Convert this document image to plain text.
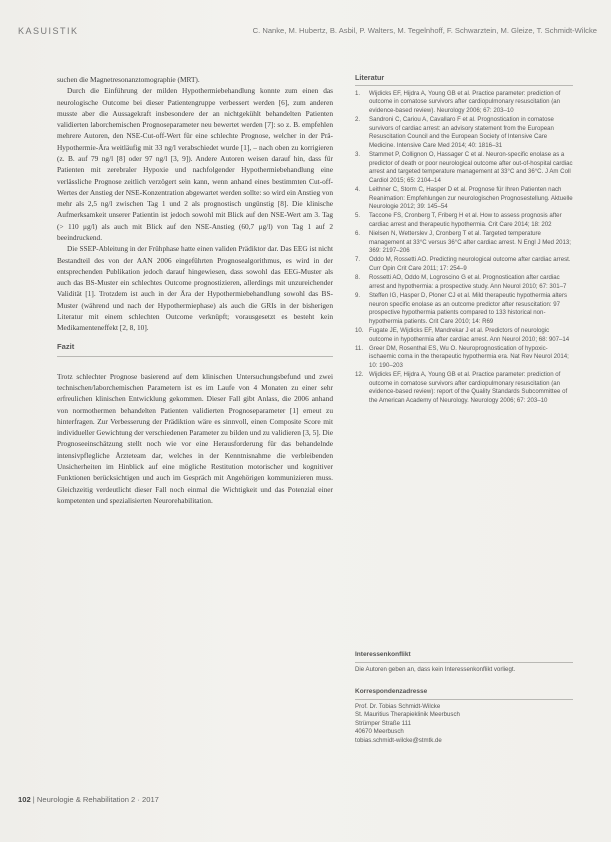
KASUISTIK	C. Nanke, M. Hubertz, B. Asbil, P. Walters, M. Tegelnhoff, F. Schwarztein, M. Gleize, T. Schmidt-Wilcke

suchen die Magnetresonanztomographie (MRT).

Durch die Einführung der milden Hypothermiebehandlung konnte zum einen das neurologische Outcome bei dieser Patientengruppe verbessert werden [6], zum anderen musste aber die Aussagekraft insbesondere der an nichtgekühlt behandelten Patienten validierten laborchemischen Prognoseparameter neu bewertet werden [7]: so z. B. empfehlen mehrere Autoren, den NSE-Cut-off-Wert für eine schlechte Prognose, welcher in der Prä-Hypothermie-Ära weitläufig mit 33 ng/l verabschiedet wurde [1], – nach oben zu korrigieren (z. B. auf 79 ng/l [8] oder 97 ng/l [3, 9]). Andere Autoren weisen darauf hin, dass für Patienten mit zerebraler Hypoxie und nachfolgender Hypothermiebehandlung eine verlässliche Prognose zeitlich verzögert sein kann, wenn anhand eines bestimmten Cut-off-Wertes der Anstieg der NSE-Konzentration abgewartet werden sollte: so wird ein Anstieg von mehr als 2,5 ng/l zwischen Tag 1 und 2 als prognostisch ungünstig [8]. Die klinische Aufmerksamkeit unserer Patientin ist jedoch sowohl mit Blick auf den NSE-Wert am 3. Tag (> 110 μg/l) als auch mit Blick auf den NSE-Anstieg (60,7 μg/l) von Tag 1 auf 2 beeindruckend.

Die SSEP-Ableitung in der Frühphase hatte einen validen Prädiktor dar. Das EEG ist nicht Bestandteil des von der AAN 2006 eingeführten Prognosealgorithmus, es wird in der entsprechenden Publikation jedoch darauf hingewiesen, dass sowohl das EEG-Muster als auch das BS-Muster ein schlechtes Outcome prognostizieren, allerdings mit unzureichender Validität [1]. Trotzdem ist auch in der Ära der Hypothermiebehandlung sowohl das BS-Muster (während und nach der Hypothermiephase) als auch die GRIs in der bisherigen Literatur mit einem schlechten Outcome verknüpft; vorausgesetzt es besteht kein Medikamenteneffekt [2, 8, 10].

Fazit

Trotz schlechter Prognose basierend auf dem klinischen Untersuchungsbefund und zwei technischen/laborchemischen Parametern ist es im Laufe von 4 Monaten zu einer sehr erfreulichen klinischen Entwicklung gekommen. Dieser Fall gibt Anlass, die 2006 anhand von normothermen behandelten Patienten validierten Prognoseparameter [1] erneut zu hinterfragen. Zur Verbesserung der Prädiktion wäre es sinnvoll, einen Composite Score mit individueller Gewichtung der verschiedenen Parameter zu bilden und zu validieren [3, 5]. Die Prognoseeinschätzung stellt noch wie vor eine Herausforderung für das behandelnde intensivpflegliche Ärzteteam dar, welches in der Kenntnisnahme die verbleibenden Unsicherheiten im Hinblick auf eine mögliche Restitution motorischer und kognitiver Funktionen berücksichtigen und auch im Gespräch mit Angehörigen kommunizieren muss. Gleichzeitig verdeutlicht dieser Fall noch einmal die Wichtigkeit und das Potenzial einer kompetenten und spezialisierten Neurorehabilitation.

Literatur
1. Wijdicks EF, Hijdra A, Young GB et al. Practice parameter: prediction of outcome in comatose survivors after cardiopulmonary resuscitation (an evidence-based review). Neurology 2006; 67: 203–10
2. Sandroni C, Cariou A, Cavallaro F et al. Prognostication in comatose survivors of cardiac arrest: an advisory statement from the European Resuscitation Council and the European Society of Intensive Care Medicine. Intensive Care Med 2014; 40: 1816–31
3. Stammet P, Collignon O, Hassager C et al. Neuron-specific enolase as a predictor of death or poor neurological outcome after out-of-hospital cardiac arrest and targeted temperature management at 33°C and 36°C. J Am Coll Cardiol 2015; 65: 2104–14
4. Leithner C, Storm C, Hasper D et al. Prognose für Ihren Patienten nach Reanimation: Empfehlungen zur neurologischen Prognosestellung. Aktuelle Neurologie 2012; 39: 145–54
5. Taccone FS, Cronberg T, Friberg H et al. How to assess prognosis after cardiac arrest and therapeutic hypothermia. Crit Care 2014; 18: 202
6. Nielsen N, Wetterslev J, Cronberg T et al. Targeted temperature management at 33°C versus 36°C after cardiac arrest. N Engl J Med 2013; 369: 2197–206
7. Oddo M, Rossetti AO. Predicting neurological outcome after cardiac arrest. Curr Opin Crit Care 2011; 17: 254–9
8. Rossetti AO, Oddo M, Logroscino G et al. Prognostication after cardiac arrest and hypothermia: a prospective study. Ann Neurol 2010; 67: 301–7
9. Steffen IG, Hasper D, Ploner CJ et al. Mild therapeutic hypothermia alters neuron specific enolase as an outcome predictor after resuscitation: 97 prospective hypothermia patients compared to 133 historical non-hypothermia patients. Crit Care 2010; 14: R69
10. Fugate JE, Wijdicks EF, Mandrekar J et al. Predictors of neurologic outcome in hypothermia after cardiac arrest. Ann Neurol 2010; 68: 907–14
11. Greer DM, Rosenthal ES, Wu O. Neuroprognostication of hypoxic-ischaemic coma in the therapeutic hypothermia era. Nat Rev Neurol 2014; 10: 190–203
12. Wijdicks EF, Hijdra A, Young GB et al. Practice parameter: prediction of outcome in comatose survivors after cardiopulmonary resuscitation (an evidence-based review): report of the Quality Standards Subcommittee of the American Academy of Neurology. Neurology 2006; 67: 203–10
Interessenkonflikt
Die Autoren geben an, dass kein Interessenkonflikt vorliegt.
Korrespondenzadresse
Prof. Dr. Tobias Schmidt-Wilcke
St. Mauritius Therapieklinik Meerbusch
Strümper Straße 111
40670 Meerbusch
tobias.schmidt-wilcke@stmtk.de
102 | Neurologie & Rehabilitation 2 · 2017
